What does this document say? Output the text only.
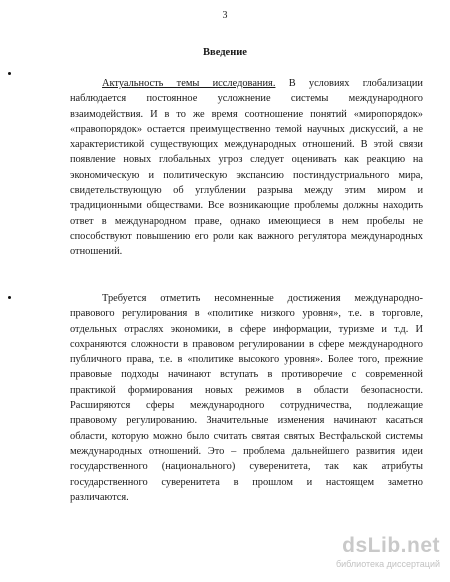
3
Введение
Актуальность темы исследования. В условиях глобализации
наблюдается постоянное усложнение системы международного
взаимодействия. И в то же время соотношение понятий «миропорядок»
«правопорядок» остается преимущественно темой научных дискуссий, а не
характеристикой существующих международных отношений. В этой связи
появление новых глобальных угроз следует оценивать как реакцию на
экономическую и политическую экспансию постиндустриального мира,
свидетельствующую об углублении разрыва между этим миром и
традиционными обществами. Все возникающие проблемы должны находить
ответ в международном праве, однако имеющиеся в нем пробелы не
способствуют повышению его роли как важного регулятора международных
отношений.
Требуется отметить несомненные достижения международно-
правового регулирования в «политике низкого уровня», т.е. в торговле,
отдельных отраслях экономики, в сфере информации, туризме и т.д. И
сохраняются сложности в правовом регулировании в сфере международного
публичного права, т.е. в «политике высокого уровня». Более того, прежние
правовые подходы начинают вступать в противоречие с современной
практикой формирования новых режимов в области безопасности.
Расширяются сферы международного сотрудничества, подлежащие
правовому регулированию. Значительные изменения начинают касаться
области, которую можно было считать святая святых Вестфальской системы
международных отношений. Это – проблема дальнейшего развития идеи
государственного (национального) суверенитета, так как атрибуты
государственного суверенитета в прошлом и настоящем заметно
различаются.
dsLib.net
библиотека диссертаций
